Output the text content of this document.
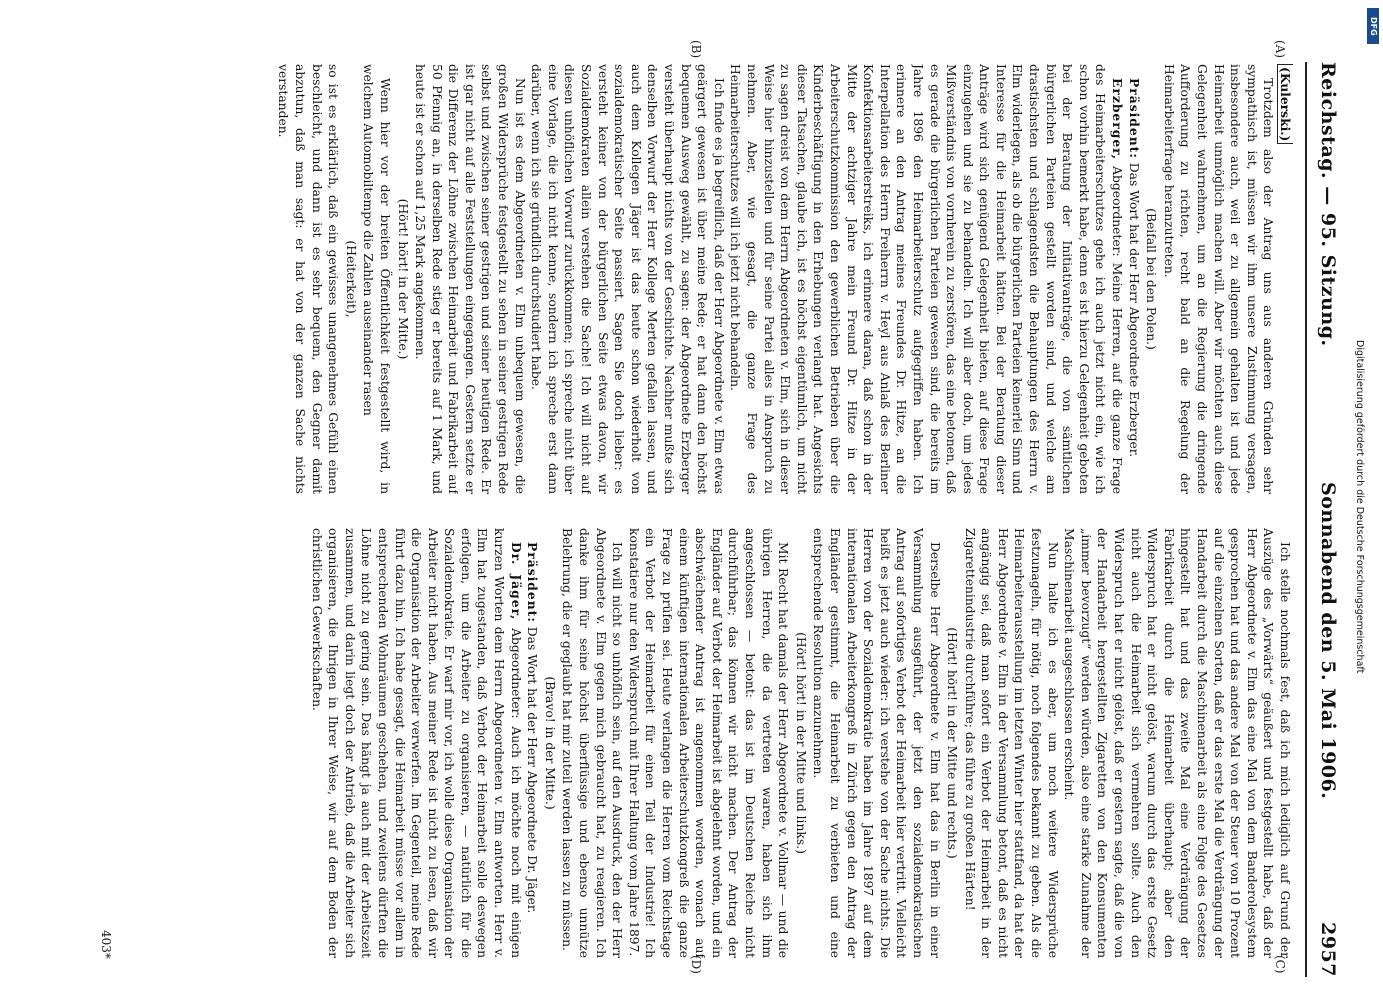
Reichstag. — 95. Sitzung.
Sonnabend den 5. Mai 1906.
2957
(A)
(B)
(C)
(D)

(Kulerski.)

Trotzdem also der Antrag uns aus anderen Gründen sehr sympathisch ist, müssen wir ihm unsere Zustimmung versagen, insbesondere auch, weil er zu allgemein gehalten ist und jede Heimarbeit unmöglich machen will. Aber wir möchten auch diese Gelegenheit wahrnehmen, um an die Regierung die dringende Aufforderung zu richten, recht bald an die Regelung der Heimarbeiterfrage heranzutreten.

(Beifall bei den Polen.)

Präsident: Das Wort hat der Herr Abgeordnete Erzberger.

Erzberger, Abgeordneter: Meine Herren, auf die ganze Frage des Heimarbeiterschutzes gehe ich auch jetzt nicht ein, wie ich schon vorhin bemerkt habe, denn es ist hierzu Gelegenheit geboten bei der Beratung der Initiativanträge, die von sämtlichen bürgerlichen Parteien gestellt worden sind, und welche am drastischsten und schlagendsten die Behauptungen des Herrn v. Elm widerlegen, als ob die bürgerlichen Parteien keinerlei Sinn und Interesse für die Heimarbeit hätten. Bei der Beratung dieser Anträge wird sich genügend Gelegenheit bieten, auf diese Frage einzugehen und sie zu behandeln. Ich will aber doch, um jedes Mißverständnis von vornherein zu zerstören, das eine betonen, daß es gerade die bürgerlichen Parteien gewesen sind, die bereits im Jahre 1896 den Heimarbeiterschutz aufgegriffen haben. Ich erinnere an den Antrag meines Freundes Dr. Hitze, an die Interpellation des Herrn Freiherrn v. Heyl aus Anlaß des Berliner Konfektionsarbeiterstreiks, ich erinnere daran, daß schon in der Mitte der achtziger Jahre mein Freund Dr. Hitze in der Arbeiterschutzkommission den gewerblichen Betrieben über die Kinderbeschäftigung in den Erhebungen verlangt hat. Angesichts dieser Tatsachen, glaube ich, ist es höchst eigentümlich, um nicht zu sagen dreist von dem Herrn Abgeordneten v. Elm, sich in dieser Weise hier hinzustellen und für seine Partei alles in Anspruch zu nehmen. Aber, wie gesagt, die ganze Frage des Heimarbeiterschutzes will ich jetzt nicht behandeln.

Ich finde es ja begreiflich, daß der Herr Abgeordnete v. Elm etwas geärgert gewesen ist über meine Rede; er hat dann den höchst bequemen Ausweg gewählt, zu sagen: der Abgeordnete Erzberger versteht überhaupt nichts von der Geschichte. Nachher mußte sich denselben Vorwurf der Herr Kollege Merten gefallen lassen, und auch dem Kollegen Jäger ist das heute schon wiederholt von sozialdemokratischer Seite passiert. Sagen Sie doch lieber: es versteht keiner von der bürgerlichen Seite etwas davon, wir Sozialdemokraten allein verstehen die Sache! Ich will nicht auf diesen unhöflichen Vorwurf zurückkommen; ich spreche nicht über eine Vorlage, die ich nicht kenne, sondern ich spreche erst dann darüber, wenn ich sie gründlich durchstudiert habe.

Nun ist es dem Abgeordneten v. Elm unbequem gewesen, die großen Widersprüche festgestellt zu sehen in seiner gestrigen Rede selbst und zwischen seiner gestrigen und seiner heutigen Rede. Er ist gar nicht auf alle Feststellungen eingegangen. Gestern setzte er die Differenz der Löhne zwischen Heimarbeit und Fabrikarbeit auf 50 Pfennig an, in derselben Rede stieg er bereits auf 1 Mark, und heute ist er schon auf 1,25 Mark angekommen.

(Hört! hört! in der Mitte.)

Wenn hier vor der breiten Öffentlichkeit festgestellt wird, in welchem Automobiltempo die Zahlen auseinander rasen

(Heiterkeit),

so ist es erklärlich, daß ein gewisses unangenehmes Gefühl einen beschleicht, und dann ist es sehr bequem, den Gegner damit abzutun, daß man sagt: er hat von der ganzen Sache nichts verstanden.

Ich stelle nochmals fest, daß ich mich lediglich auf Grund der Auszüge des „Vorwärts“ geäußert und festgestellt habe, daß der Herr Abgeordnete v. Elm das eine Mal von dem Banderolesystem gesprochen hat und das andere Mal von der Steuer von 10 Prozent auf die einzelnen Sorten, daß er das erste Mal die Verdrängung der Handarbeit durch die Maschinenarbeit als eine Folge des Gesetzes hingestellt hat und das zweite Mal eine Verdrängung der Fabrikarbeit durch die Heimarbeit überhaupt; aber den Widerspruch hat er nicht gelöst, warum durch das erste Gesetz nicht auch die Heimarbeit sich vermehren sollte. Auch den Widerspruch hat er nicht gelöst, daß er gestern sagte, daß die von der Handarbeit hergestellten Zigaretten von den Konsumenten „immer bevorzugt“ werden würden, also eine starke Zunahme der Maschinenarbeit ausgeschlossen erscheint.

Nun halte ich es aber, um noch weitere Widersprüche festzunageln, für nötig, noch folgendes bekannt zu geben. Als die Heimarbeiterausstellung im letzten Winter hier stattfand, da hat der Herr Abgeordnete v. Elm in der Versammlung betont, daß es nicht angängig sei, daß man sofort ein Verbot der Heimarbeit in der Zigarettenindustrie durchführe; das führe zu großen Härten!

(Hört! hört! in der Mitte und rechts.)

Derselbe Herr Abgeordnete v. Elm hat das in Berlin in einer Versammlung ausgeführt, der jetzt den sozialdemokratischen Antrag auf sofortiges Verbot der Heimarbeit hier vertritt. Vielleicht heißt es jetzt auch wieder: ich verstehe von der Sache nichts. Die Herren von der Sozialdemokratie haben im Jahre 1897 auf dem internationalen Arbeiterkongreß in Zürich gegen den Antrag der Engländer gestimmt, die Heimarbeit zu verbieten und eine entsprechende Resolution anzunehmen.

(Hört! hört! in der Mitte und links.)

Mit Recht hat damals der Herr Abgeordnete v. Vollmar — und die übrigen Herren, die da vertreten waren, haben sich ihm angeschlossen — betont: das ist im Deutschen Reiche nicht durchführbar; das können wir nicht machen. Der Antrag der Engländer auf Verbot der Heimarbeit ist abgelehnt worden, und ein abschwächender Antrag ist angenommen worden, wonach auf einem künftigen internationalen Arbeiterschutzkongreß die ganze Frage zu prüfen sei. Heute verlangen die Herren vom Reichstage ein Verbot der Heimarbeit für einen Teil der Industrie! Ich konstatiere nur den Widerspruch mit Ihrer Haltung vom Jahre 1897.

Ich will nicht so unhöflich sein, auf den Ausdruck, den der Herr Abgeordnete v. Elm gegen mich gebraucht hat, zu reagieren. Ich danke ihm für seine höchst überflüssige und ebenso unnütze Belehrung, die er geglaubt hat mir zuteil werden lassen zu müssen.

(Bravo! in der Mitte.)

Präsident: Das Wort hat der Herr Abgeordnete Dr. Jäger.

Dr. Jäger, Abgeordneter: Auch ich möchte noch mit einigen kurzen Worten dem Herrn Abgeordneten v. Elm antworten. Herr v. Elm hat zugestanden, daß Verbot der Heimarbeit solle deswegen erfolgen, um die Arbeiter zu organisieren, — natürlich für die Sozialdemokratie. Er warf mir vor, ich wolle diese Organisation der Arbeiter nicht haben. Aus meiner Rede ist nicht zu lesen, daß wir die Organisation der Arbeiter verwerfen. Im Gegenteil, meine Rede führt dazu hin. Ich habe gesagt, die Heimarbeit müsse vor allem in entsprechenden Wohnräumen geschehen, und zweitens dürften die Löhne nicht zu gering sein. Das hängt ja auch mit der Arbeitszeit zusammen, und darin liegt doch der Antrieb, daß die Arbeiter sich organisieren, die Ihrigen in Ihrer Weise, wir auf dem Boden der christlichen Gewerkschaften.

403*
DFG
Digitalisierung gefördert durch die Deutsche Forschungsgemeinschaft
